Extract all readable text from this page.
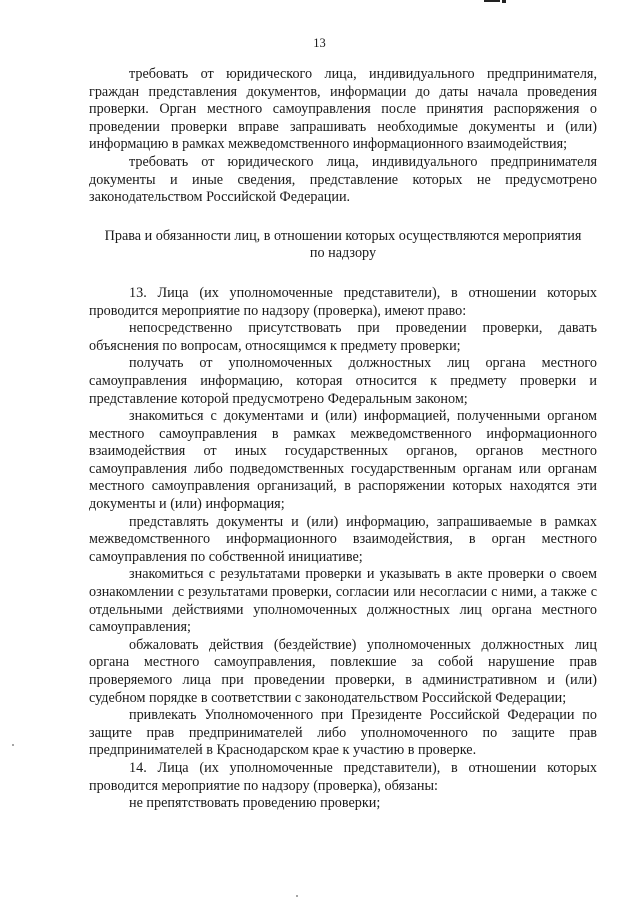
13

требовать от юридического лица, индивидуального предпринимателя, граждан представления документов, информации до даты начала проведения проверки. Орган местного самоуправления после принятия распоряжения о проведении проверки вправе запрашивать необходимые документы и (или) информацию в рамках межведомственного информационного взаимодействия;

требовать от юридического лица, индивидуального предпринимателя документы и иные сведения, представление которых не предусмотрено законодательством Российской Федерации.

Права и обязанности лиц, в отношении которых осуществляются мероприятия по надзору

13. Лица (их уполномоченные представители), в отношении которых проводится мероприятие по надзору (проверка), имеют право:

непосредственно присутствовать при проведении проверки, давать объяснения по вопросам, относящимся к предмету проверки;

получать от уполномоченных должностных лиц органа местного самоуправления информацию, которая относится к предмету проверки и представление которой предусмотрено Федеральным законом;

знакомиться с документами и (или) информацией, полученными органом местного самоуправления в рамках межведомственного информационного взаимодействия от иных государственных органов, органов местного самоуправления либо подведомственных государственным органам или органам местного самоуправления организаций, в распоряжении которых находятся эти документы и (или) информация;

представлять документы и (или) информацию, запрашиваемые в рамках межведомственного информационного взаимодействия, в орган местного самоуправления по собственной инициативе;

знакомиться с результатами проверки и указывать в акте проверки о своем ознакомлении с результатами проверки, согласии или несогласии с ними, а также с отдельными действиями уполномоченных должностных лиц органа местного самоуправления;

обжаловать действия (бездействие) уполномоченных должностных лиц органа местного самоуправления, повлекшие за собой нарушение прав проверяемого лица при проведении проверки, в административном и (или) судебном порядке в соответствии с законодательством Российской Федерации;

привлекать Уполномоченного при Президенте Российской Федерации по защите прав предпринимателей либо уполномоченного по защите прав предпринимателей в Краснодарском крае к участию в проверке.

14. Лица (их уполномоченные представители), в отношении которых проводится мероприятие по надзору (проверка), обязаны:

не препятствовать проведению проверки;
